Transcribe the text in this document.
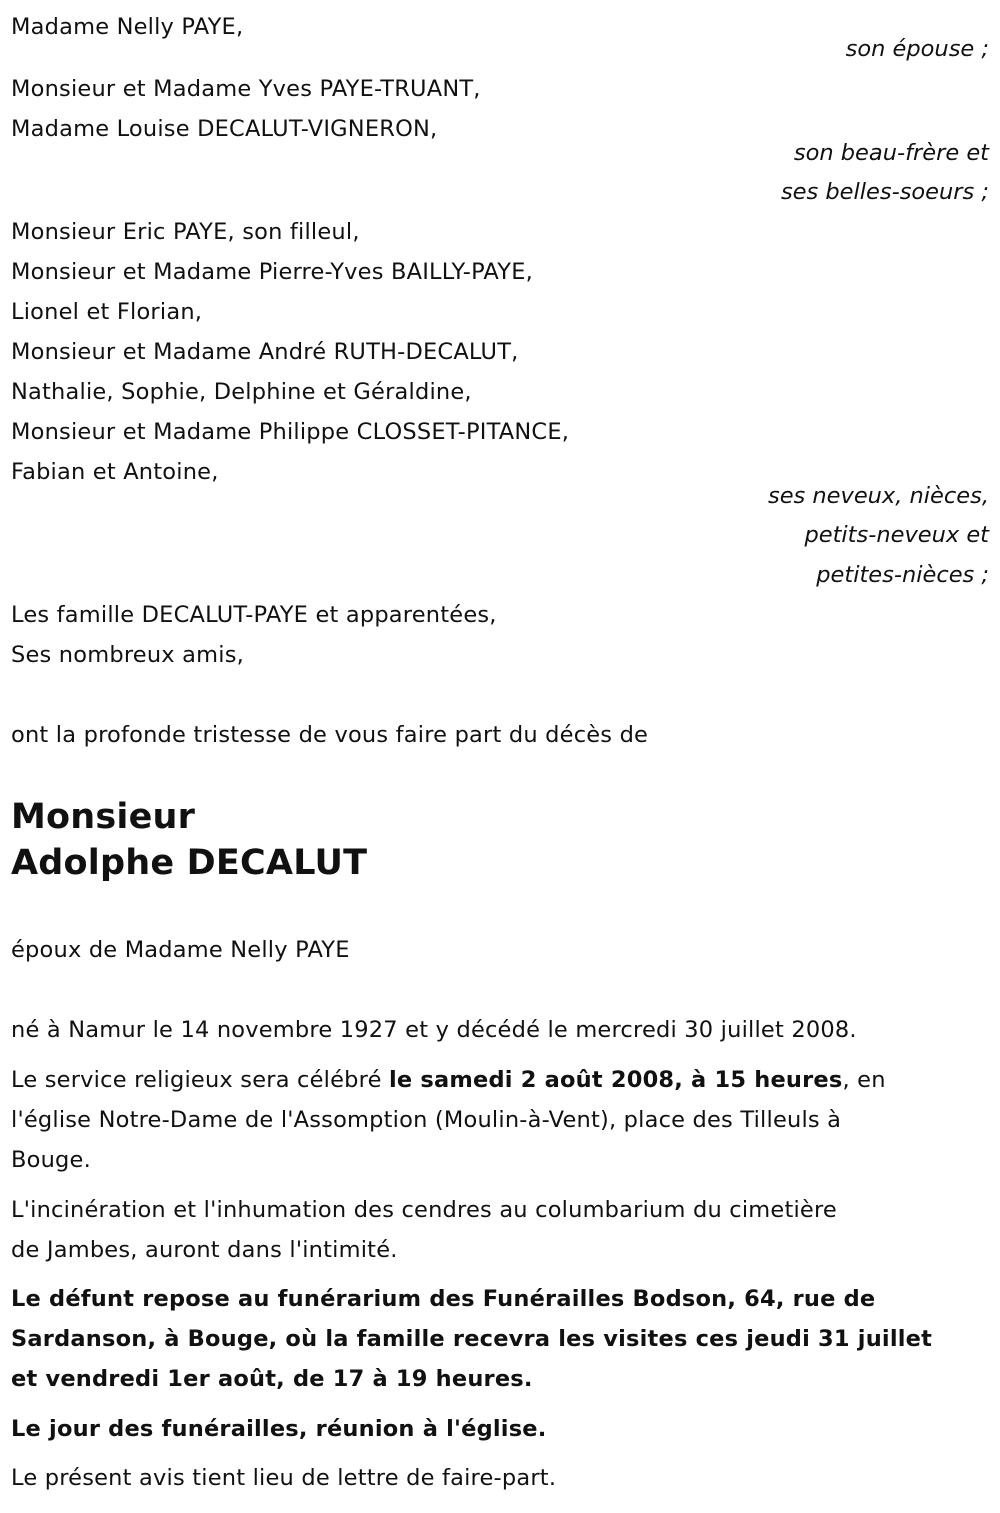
Madame Nelly PAYE,
son épouse ;
Monsieur et Madame Yves PAYE-TRUANT,
Madame Louise DECALUT-VIGNERON,
son beau-frère et
ses belles-soeurs ;
Monsieur Eric PAYE, son filleul,
Monsieur et Madame Pierre-Yves BAILLY-PAYE,
Lionel et Florian,
Monsieur et Madame André RUTH-DECALUT,
Nathalie, Sophie, Delphine et Géraldine,
Monsieur et Madame Philippe CLOSSET-PITANCE,
Fabian et Antoine,
ses neveux, nièces,
petits-neveux et
petites-nièces ;
Les famille DECALUT-PAYE et apparentées,
Ses nombreux amis,
ont la profonde tristesse de vous faire part du décès de
Monsieur
Adolphe DECALUT
époux de Madame Nelly PAYE
né à Namur le 14 novembre 1927 et y décédé le mercredi 30 juillet 2008.
Le service religieux sera célébré le samedi 2 août 2008, à 15 heures, en
l'église Notre-Dame de l'Assomption (Moulin-à-Vent), place des Tilleuls à
Bouge.
L'incinération et l'inhumation des cendres au columbarium du cimetière
de Jambes, auront dans l'intimité.
Le défunt repose au funérarium des Funérailles Bodson, 64, rue de
Sardanson, à Bouge, où la famille recevra les visites ces jeudi 31 juillet
et vendredi 1er août, de 17 à 19 heures.
Le jour des funérailles, réunion à l'église.
Le présent avis tient lieu de lettre de faire-part.
